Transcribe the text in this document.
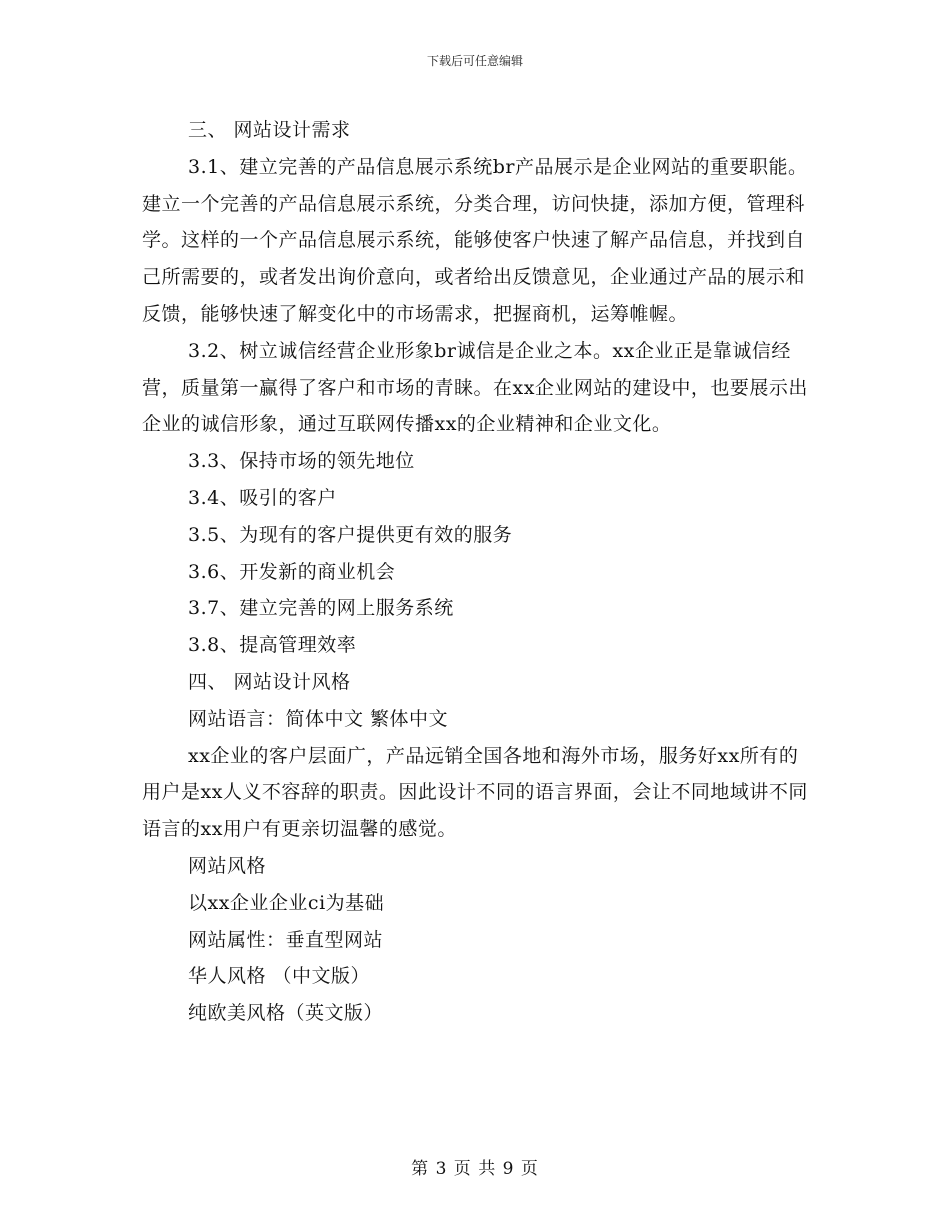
下载后可任意编辑

三、 网站设计需求

3.1、建立完善的产品信息展示系统br产品展示是企业网站的重要职能。建立一个完善的产品信息展示系统，分类合理，访问快捷，添加方便，管理科学。这样的一个产品信息展示系统，能够使客户快速了解产品信息，并找到自己所需要的，或者发出询价意向，或者给出反馈意见，企业通过产品的展示和反馈，能够快速了解变化中的市场需求，把握商机，运筹帷幄。

3.2、树立诚信经营企业形象br诚信是企业之本。xx企业正是靠诚信经营，质量第一赢得了客户和市场的青睐。在xx企业网站的建设中，也要展示出企业的诚信形象，通过互联网传播xx的企业精神和企业文化。

3.3、保持市场的领先地位

3.4、吸引的客户

3.5、为现有的客户提供更有效的服务

3.6、开发新的商业机会

3.7、建立完善的网上服务系统

3.8、提高管理效率

四、 网站设计风格

网站语言：简体中文 繁体中文

xx企业的客户层面广，产品远销全国各地和海外市场，服务好xx所有的用户是xx人义不容辞的职责。因此设计不同的语言界面，会让不同地域讲不同语言的xx用户有更亲切温馨的感觉。

网站风格

以xx企业企业ci为基础

网站属性：垂直型网站

华人风格 （中文版）

纯欧美风格（英文版）

第 3 页 共 9 页
